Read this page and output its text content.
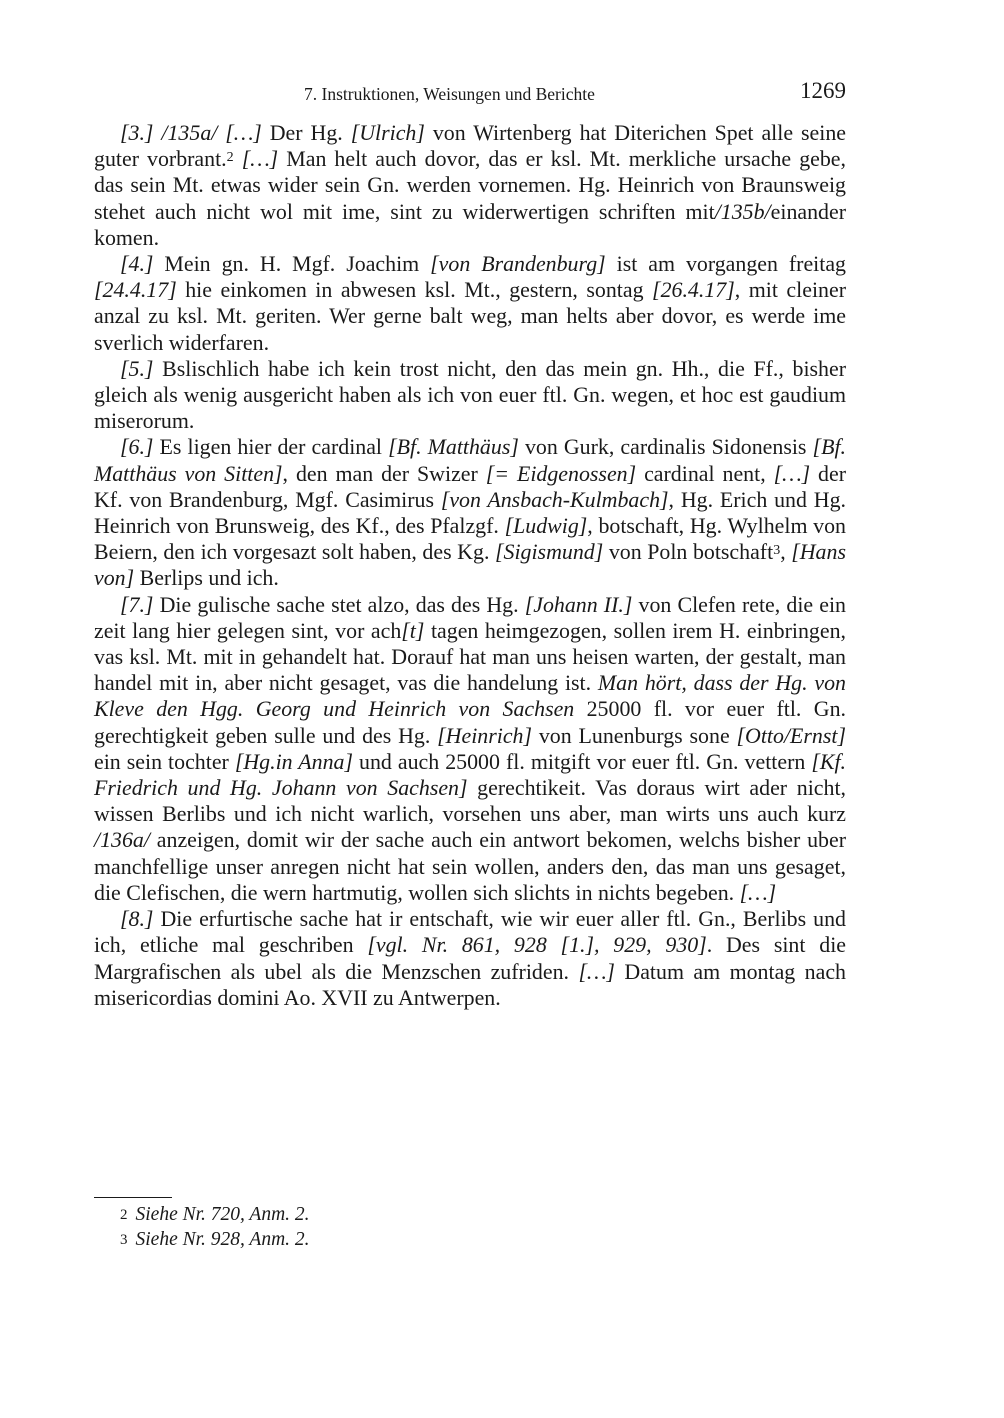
7. Instruktionen, Weisungen und Berichte	1269

[3.] /135a/ […] Der Hg. [Ulrich] von Wirtenberg hat Diterichen Spet alle seine guter vorbrant.$^2$ […] Man helt auch dovor, das er ksl. Mt. merkliche ursache gebe, das sein Mt. etwas wider sein Gn. werden vornemen. Hg. Heinrich von Braunsweig stehet auch nicht wol mit ime, sint zu widerwertigen schriften mit/135b/einander komen.

[4.] Mein gn. H. Mgf. Joachim [von Brandenburg] ist am vorgangen freitag [24.4.17] hie einkomen in abwesen ksl. Mt., gestern, sontag [26.4.17], mit cleiner anzal zu ksl. Mt. geriten. Wer gerne balt weg, man helts aber dovor, es werde ime sverlich widerfaren.

[5.] Bslischlich habe ich kein trost nicht, den das mein gn. Hh., die Ff., bisher gleich als wenig ausgericht haben als ich von euer ftl. Gn. wegen, et hoc est gaudium miserorum.

[6.] Es ligen hier der cardinal [Bf. Matthäus] von Gurk, cardinalis Sidonensis [Bf. Matthäus von Sitten], den man der Swizer [= Eidgenossen] cardinal nent, […] der Kf. von Brandenburg, Mgf. Casimirus [von Ansbach-Kulmbach], Hg. Erich und Hg. Heinrich von Brunsweig, des Kf., des Pfalzgf. [Ludwig], botschaft, Hg. Wylhelm von Beiern, den ich vorgesazt solt haben, des Kg. [Sigismund] von Poln botschaft$^3$, [Hans von] Berlips und ich.

[7.] Die gulische sache stet alzo, das des Hg. [Johann II.] von Clefen rete, die ein zeit lang hier gelegen sint, vor ach[t] tagen heimgezogen, sollen irem H. einbringen, vas ksl. Mt. mit in gehandelt hat. Dorauf hat man uns heisen warten, der gestalt, man handel mit in, aber nicht gesaget, vas die handelung ist. Man hört, dass der Hg. von Kleve den Hgg. Georg und Heinrich von Sachsen 25000 fl. vor euer ftl. Gn. gerechtigkeit geben sulle und des Hg. [Heinrich] von Lunenburgs sone [Otto/Ernst] ein sein tochter [Hg.in Anna] und auch 25000 fl. mitgift vor euer ftl. Gn. vettern [Kf. Friedrich und Hg. Johann von Sachsen] gerechtikeit. Vas doraus wirt ader nicht, wissen Berlibs und ich nicht warlich, vorsehen uns aber, man wirts uns auch kurz /136a/ anzeigen, domit wir der sache auch ein antwort bekomen, welchs bisher uber manchfellige unser anregen nicht hat sein wollen, anders den, das man uns gesaget, die Clefischen, die wern hartmutig, wollen sich slichts in nichts begeben. […]

[8.] Die erfurtische sache hat ir entschaft, wie wir euer aller ftl. Gn., Berlibs und ich, etliche mal geschriben [vgl. Nr. 861, 928 [1.], 929, 930]. Des sint die Margrafischen als ubel als die Menzschen zufriden. […] Datum am montag nach misericordias domini Ao. XVII zu Antwerpen.

$^2$ Siehe Nr. 720, Anm. 2.
$^3$ Siehe Nr. 928, Anm. 2.
